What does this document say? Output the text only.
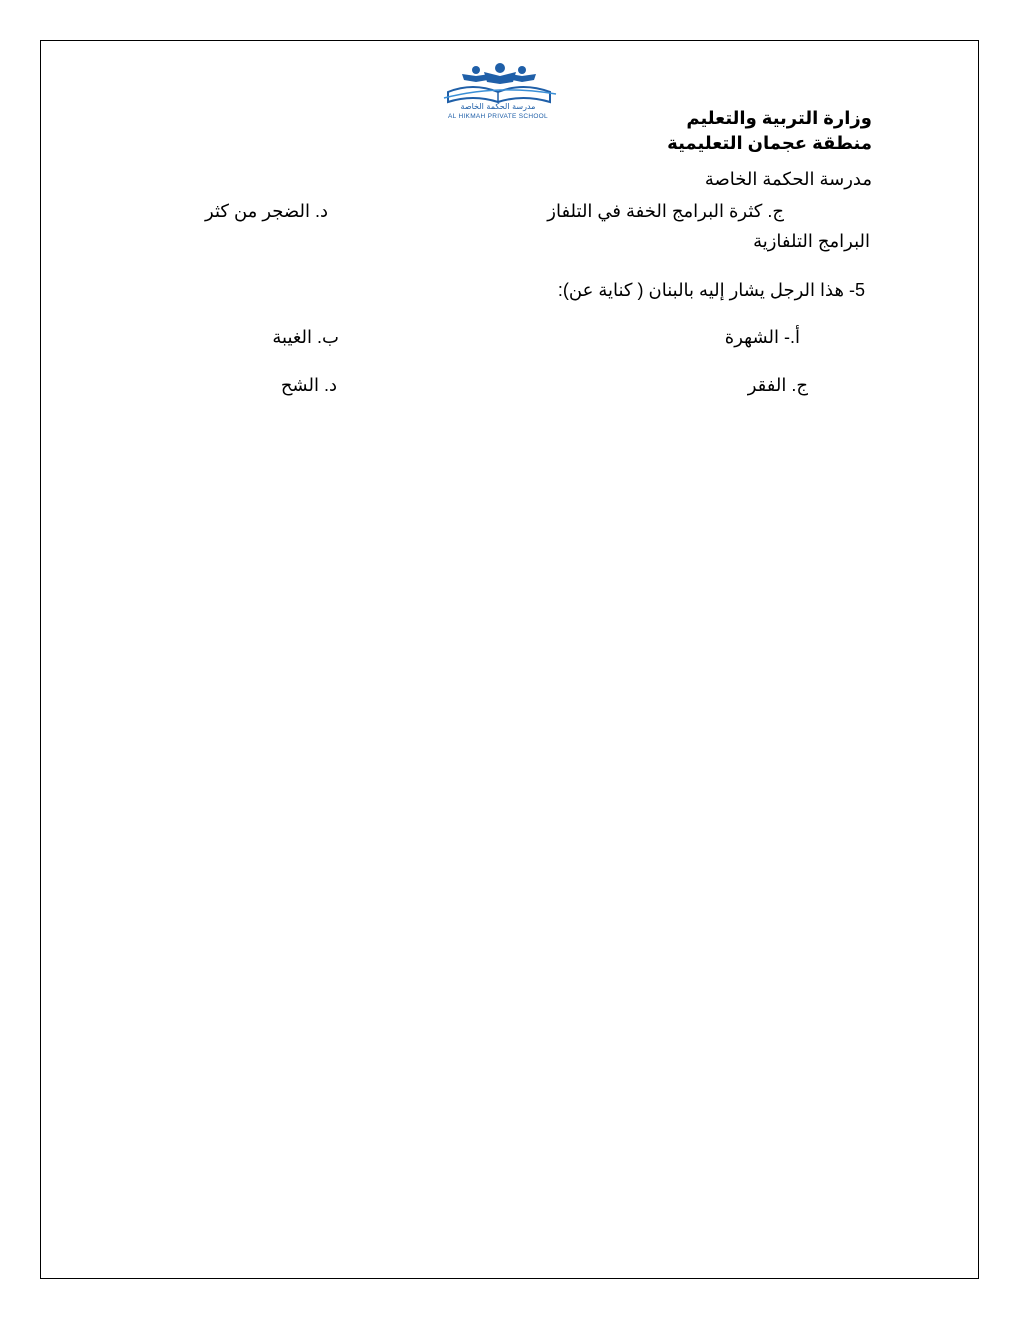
مدرسة الحكمة الخاصة
AL HIKMAH PRIVATE SCHOOL	وزارة التربية والتعليم
منطقة عجمان التعليمية
مدرسة الحكمة الخاصة
ج. كثرة البرامج الخفة في التلفاز
د. الضجر من كثر
البرامج التلفازية
5- هذا الرجل يشار إليه بالبنان ( كناية عن):
أ.- الشهرة
ب. الغيبة
ج. الفقر
د. الشح
